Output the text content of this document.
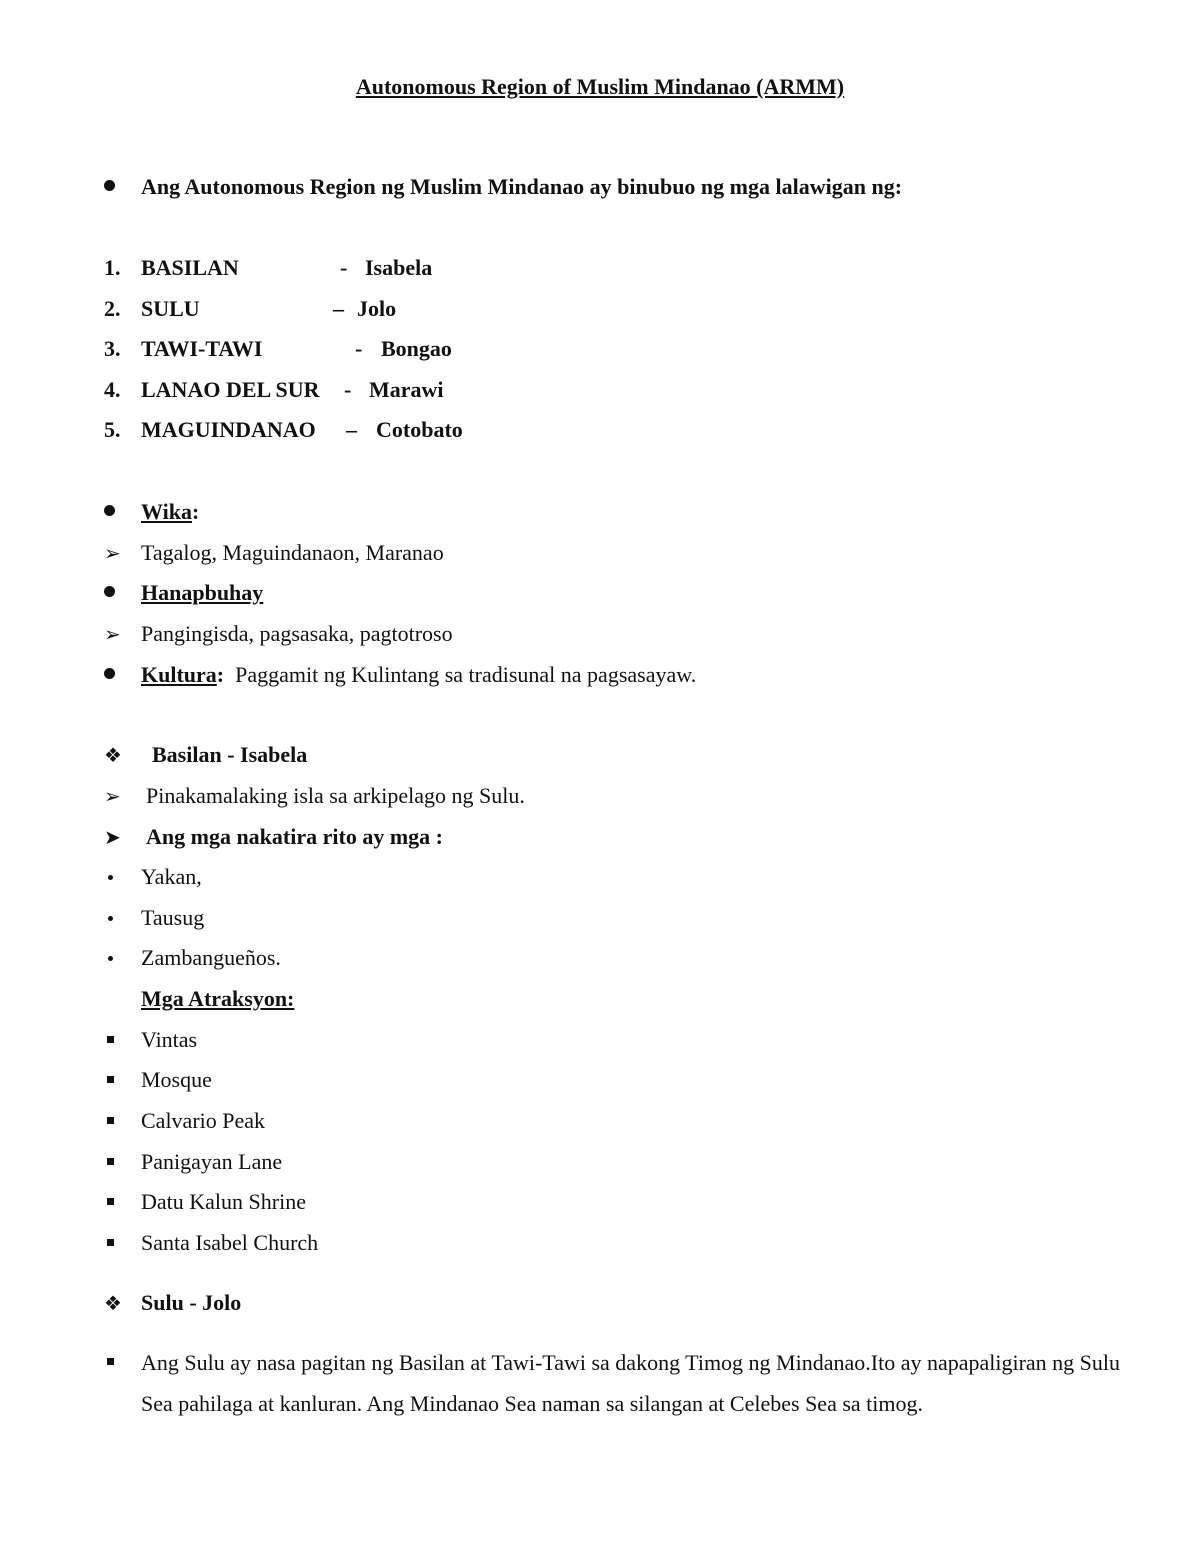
Autonomous Region of Muslim Mindanao (ARMM)
Ang Autonomous Region ng Muslim Mindanao ay binubuo ng mga lalawigan ng:
1. BASILAN	- Isabela
2. SULU	– Jolo
3. TAWI-TAWI	- Bongao
4. LANAO DEL SUR - Marawi
5. MAGUINDANAO – Cotobato
Wika:
➢ Tagalog, Maguindanaon, Maranao
Hanapbuhay
➢ Pangingisda, pagsasaka, pagtotroso
Kultura: Paggamit ng Kulintang sa tradisunal na pagsasayaw.
❖ Basilan - Isabela
➢ Pinakamalaking isla sa arkipelago ng Sulu.
➤ Ang mga nakatira rito ay mga :
Yakan,
Tausug
Zambangueños.
Mga Atraksyon:
Vintas
Mosque
Calvario Peak
Panigayan Lane
Datu Kalun Shrine
Santa Isabel Church
❖ Sulu - Jolo
Ang Sulu ay nasa pagitan ng Basilan at Tawi-Tawi sa dakong Timog ng Mindanao.Ito ay napapaligiran ng Sulu Sea pahilaga at kanluran. Ang Mindanao Sea naman sa silangan at Celebes Sea sa timog.
